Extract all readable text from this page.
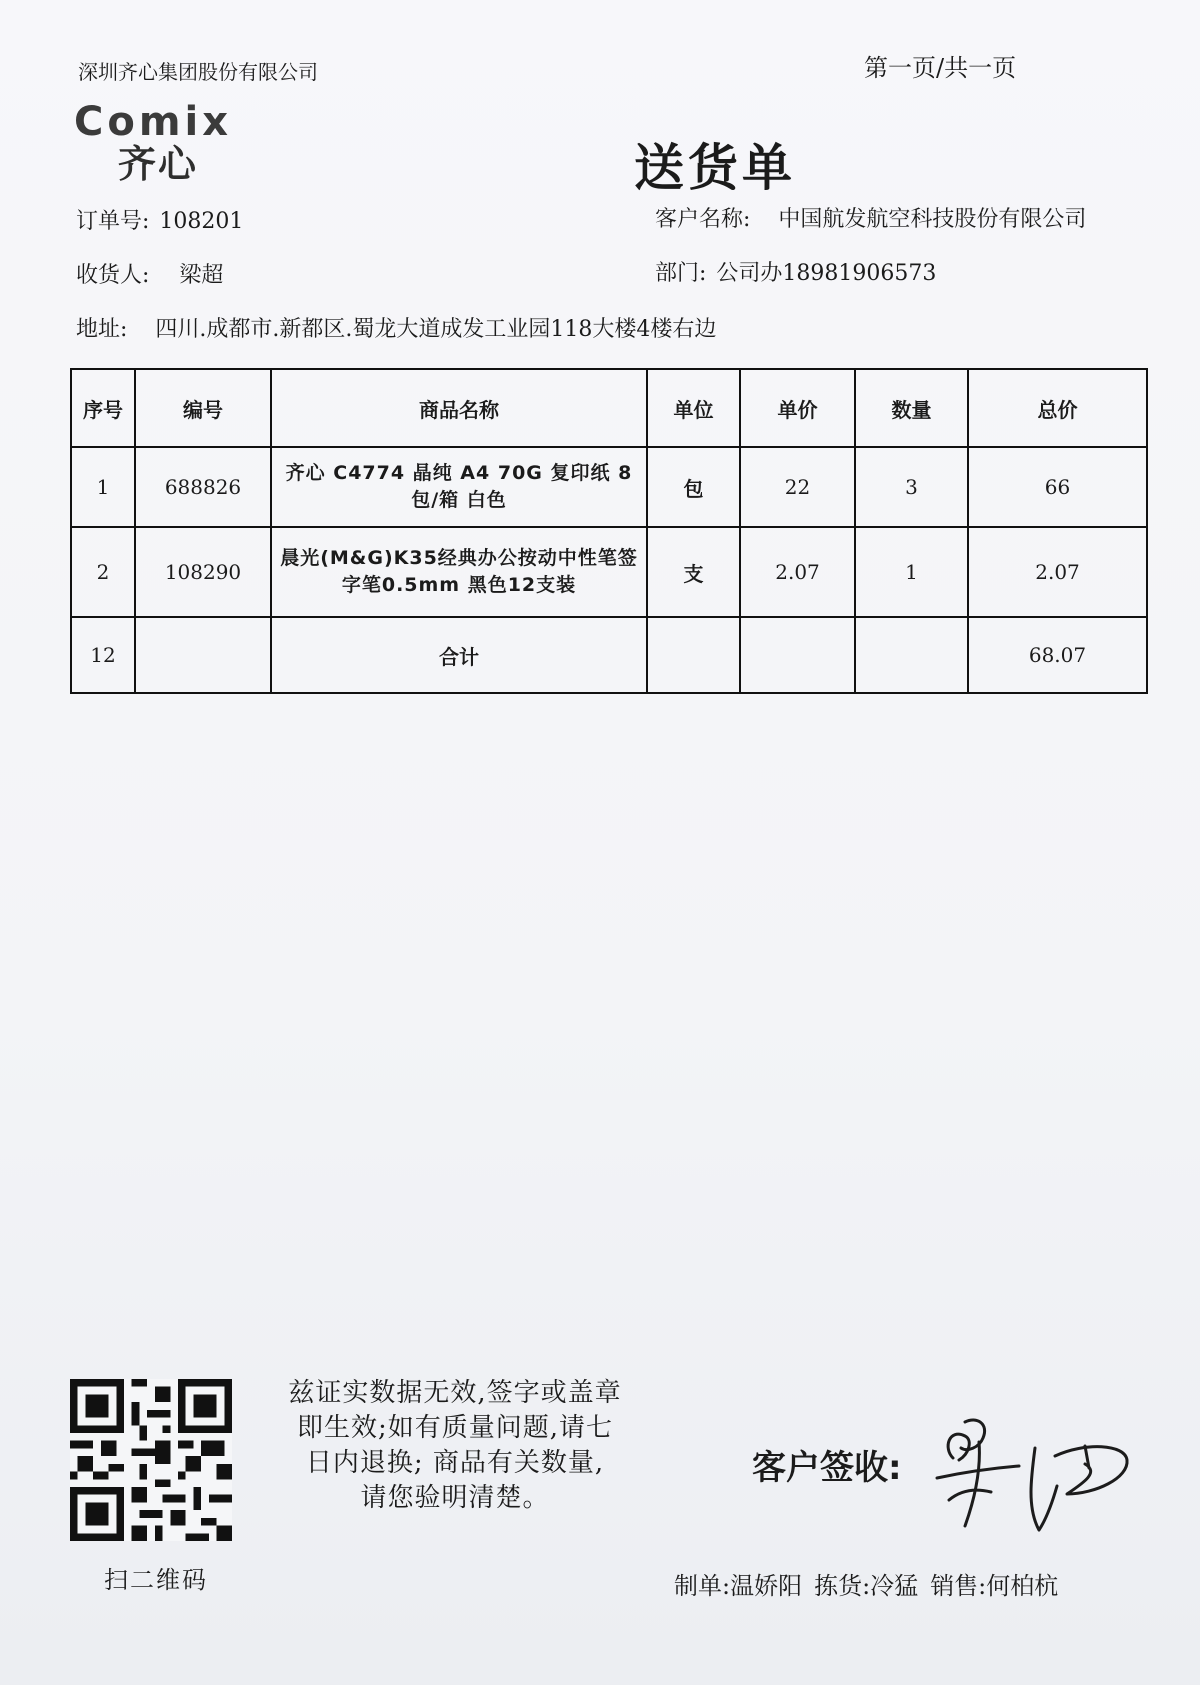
深圳齐心集团股份有限公司	第一页/共一页
Comix
齐心	送货单
订单号: 108201	客户名称: 中国航发航空科技股份有限公司
收货人: 梁超	部门: 公司办18981906573
地址: 四川.成都市.新都区.蜀龙大道成发工业园118大楼4楼右边
序号	编号	商品名称	单位	单价	数量	总价
1	688826	齐心 C4774 晶纯 A4 70G 复印纸 8包/箱 白色	包	22	3	66
2	108290	晨光(M&G)K35经典办公按动中性笔签字笔0.5mm 黑色12支装	支	2.07	1	2.07
12		合计				68.07
扫二维码
兹证实数据无效,签字或盖章
即生效;如有质量问题,请七
日内退换; 商品有关数量,
请您验明清楚。
客户签收:
制单:温娇阳 拣货:冷猛 销售:何柏杭
